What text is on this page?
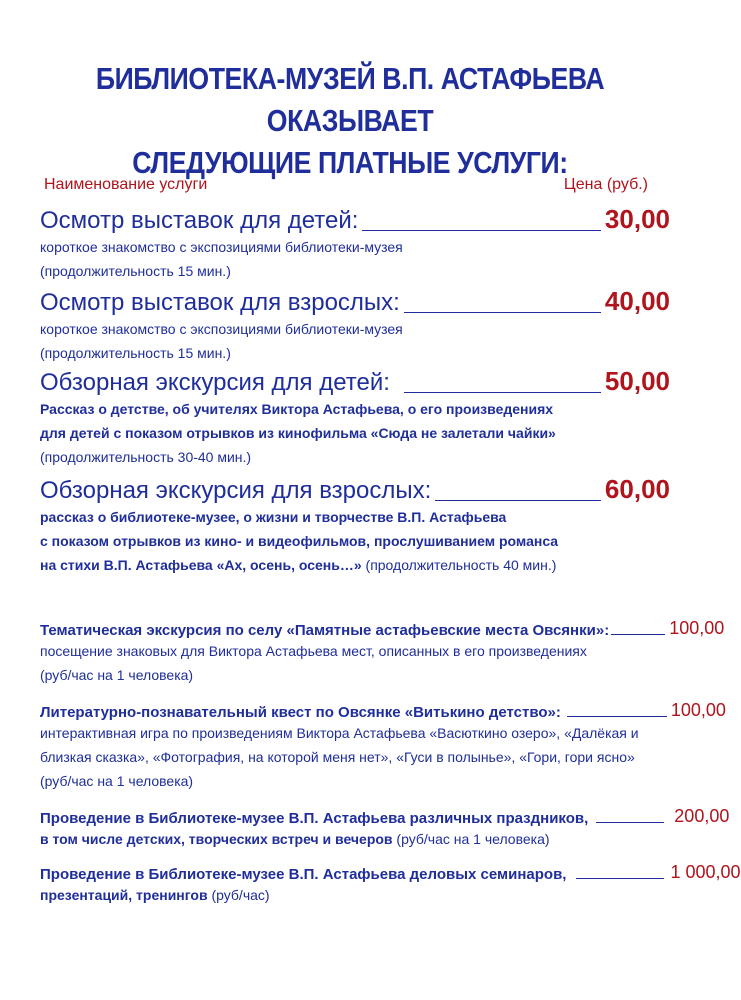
БИБЛИОТЕКА-МУЗЕЙ В.П. АСТАФЬЕВА ОКАЗЫВАЕТ
СЛЕДУЮЩИЕ ПЛАТНЫЕ УСЛУГИ:
Наименование услуги	Цена (руб.)
Осмотр выставок для детей:	30,00
короткое знакомство с экспозициями библиотеки-музея
(продолжительность 15 мин.)
Осмотр выставок для взрослых:	40,00
короткое знакомство с экспозициями библиотеки-музея
(продолжительность 15 мин.)
Обзорная экскурсия для детей:	50,00
Рассказ о детстве, об учителях Виктора Астафьева, о его произведениях
для детей с показом отрывков из кинофильма «Сюда не залетали чайки»
(продолжительность 30-40 мин.)
Обзорная экскурсия для взрослых:	60,00
рассказ о библиотеке-музее, о жизни и творчестве В.П. Астафьева
с показом отрывков из кино- и видеофильмов, прослушиванием романса
на стихи В.П. Астафьева «Ах, осень, осень…» (продолжительность 40 мин.)
Тематическая экскурсия по селу «Памятные астафьевские места Овсянки»:	100,00
посещение знаковых для Виктора Астафьева мест, описанных в его произведениях
(руб/час на 1 человека)
Литературно-познавательный квест по Овсянке «Витькино детство»:	100,00
интерактивная игра по произведениям Виктора Астафьева «Васюткино озеро», «Далёкая и
близкая сказка», «Фотография, на которой меня нет», «Гуси в полынье», «Гори, гори ясно»
(руб/час на 1 человека)
Проведение в Библиотеке-музее В.П. Астафьева различных праздников,	200,00
в том числе детских, творческих встреч и вечеров (руб/час на 1 человека)
Проведение в Библиотеке-музее В.П. Астафьева деловых семинаров,	1 000,00
презентаций, тренингов (руб/час)
